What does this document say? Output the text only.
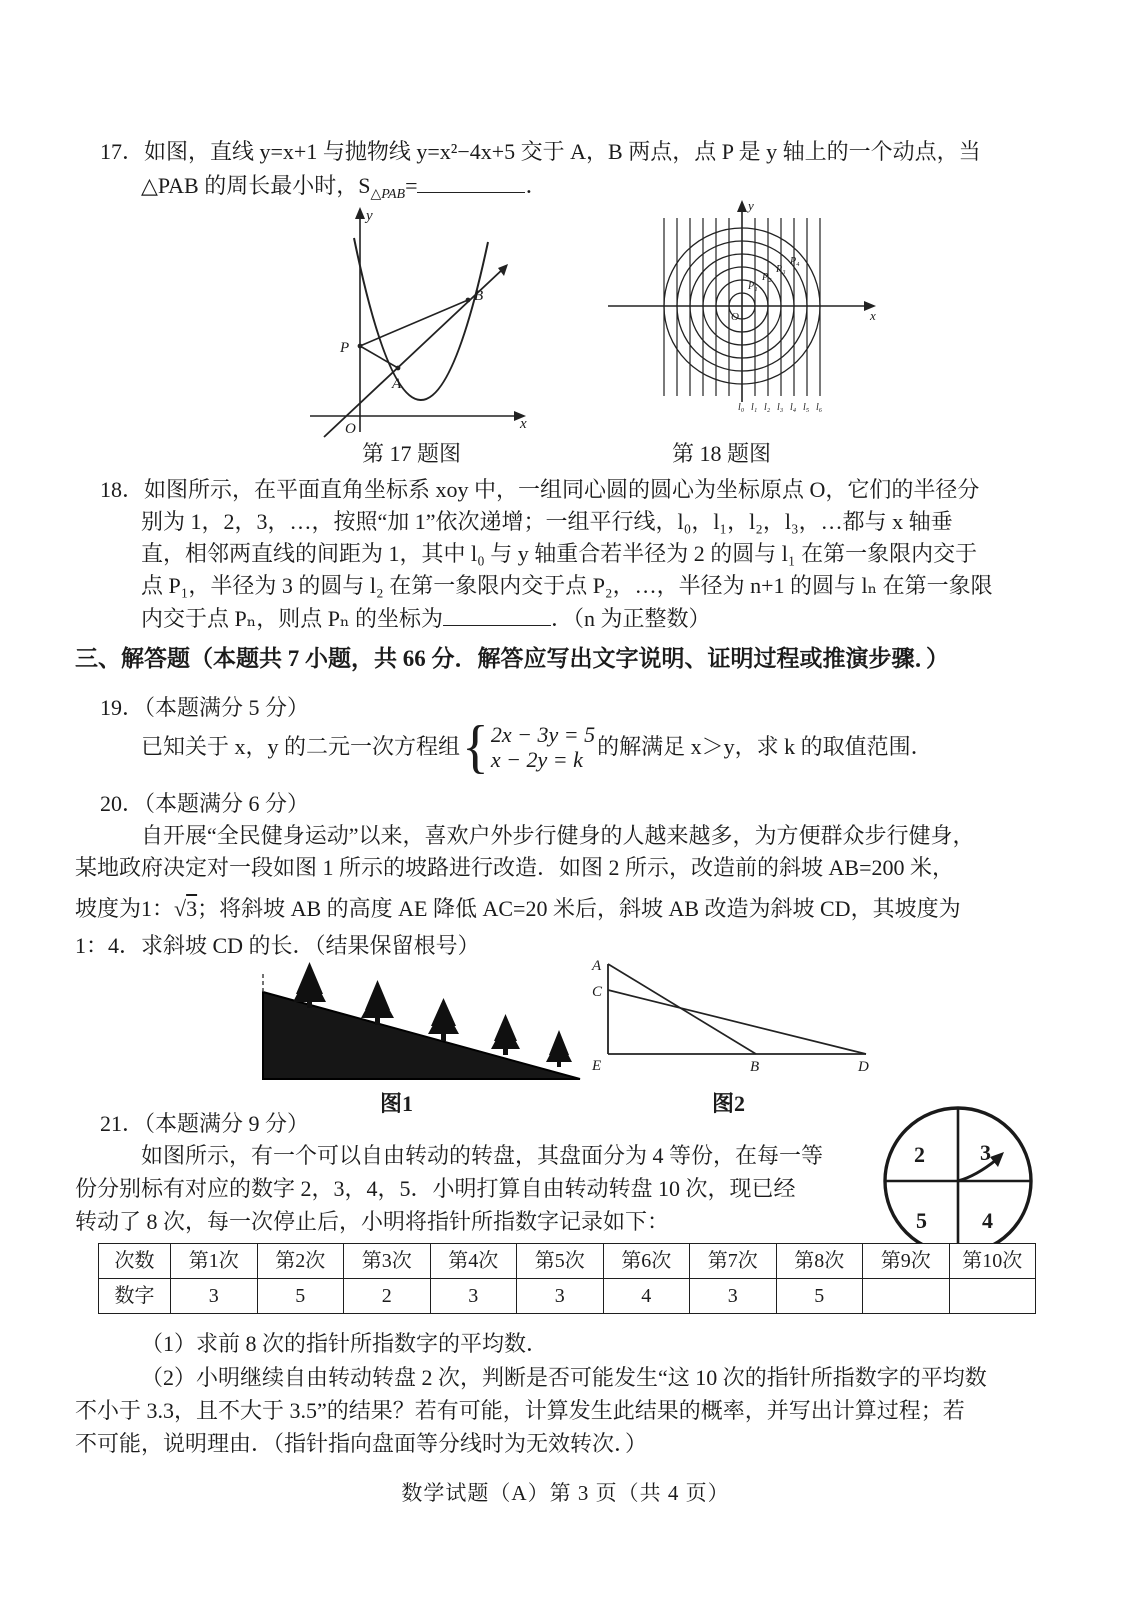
17．如图，直线 y=x+1 与抛物线 y=x²−4x+5 交于 A，B 两点，点 P 是 y 轴上的一个动点，当
△PAB 的周长最小时，$S_{\triangle PAB}=$	．
y
x
O
P
A
B
第 17 题图
y
x
O
P₁
P₂
P₃
P₄
l₀ l₁ l₂ l₃ l₄ l₅ l₆
第 18 题图
18．如图所示，在平面直角坐标系 xoy 中，一组同心圆的圆心为坐标原点 O，它们的半径分
别为 1，2，3，…，按照“加 1”依次递增；一组平行线，l₀，l₁，l₂，l₃，…都与 x 轴垂
直，相邻两直线的间距为 1，其中 l₀ 与 y 轴重合若半径为 2 的圆与 l₁ 在第一象限内交于
点 P₁，半径为 3 的圆与 l₂ 在第一象限内交于点 P₂，…，半径为 n+1 的圆与 lₙ 在第一象限
内交于点 Pₙ，则点 Pₙ 的坐标为	．（n 为正整数）
三、解答题（本题共 7 小题，共 66 分．解答应写出文字说明、证明过程或推演步骤．）
19．（本题满分 5 分）
已知关于 x，y 的二元一次方程组 { 2x − 3y = 5
x − 2y = k
的解满足 x＞y，求 k 的取值范围．
20．（本题满分 6 分）
自开展“全民健身运动”以来，喜欢户外步行健身的人越来越多，为方便群众步行健身，
某地政府决定对一段如图 1 所示的坡路进行改造．如图 2 所示，改造前的斜坡 AB=200 米，
坡度为1：√3；将斜坡 AB 的高度 AE 降低 AC=20 米后，斜坡 AB 改造为斜坡 CD，其坡度为
1：4．求斜坡 CD 的长．（结果保留根号）
图1
A
C
E	B	D
图2
21．（本题满分 9 分）
如图所示，有一个可以自由转动的转盘，其盘面分为 4 等份，在每一等
份分别标有对应的数字 2，3，4，5．小明打算自由转动转盘 10 次，现已经
转动了 8 次，每一次停止后，小明将指针所指数字记录如下：
2	3
5	4
次数	第1次	第2次	第3次	第4次	第5次	第6次	第7次	第8次	第9次	第10次
数字	3	5	2	3	3	4	3	5		
（1）求前 8 次的指针所指数字的平均数．
（2）小明继续自由转动转盘 2 次，判断是否可能发生“这 10 次的指针所指数字的平均数
不小于 3.3，且不大于 3.5”的结果？若有可能，计算发生此结果的概率，并写出计算过程；若
不可能，说明理由．（指针指向盘面等分线时为无效转次．）
数学试题（A）第 3 页（共 4 页）
